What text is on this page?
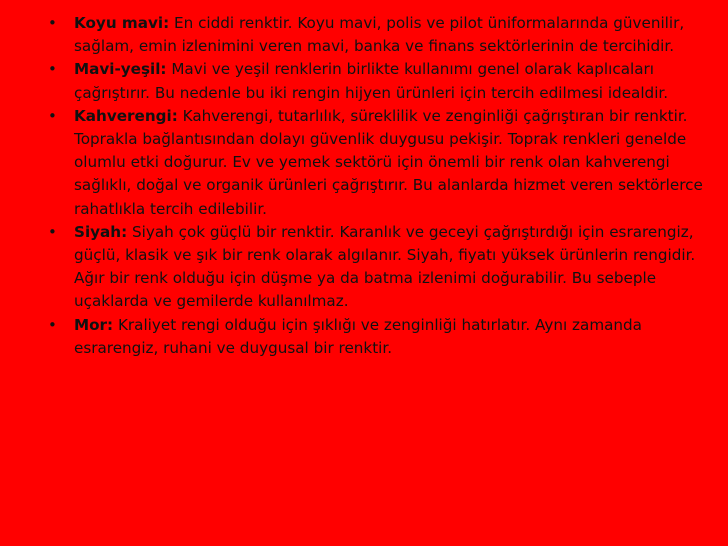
• Koyu mavi: En ciddi renktir. Koyu mavi, polis ve pilot üniformalarında güvenilir, sağlam, emin izlenimini veren mavi, banka ve finans sektörlerinin de tercihidir.
• Mavi-yeşil: Mavi ve yeşil renklerin birlikte kullanımı genel olarak kaplıcaları çağrıştırır. Bu nedenle bu iki rengin hijyen ürünleri için tercih edilmesi idealdir.
• Kahverengi: Kahverengi, tutarlılık, süreklilik ve zenginliği çağrıştıran bir renktir. Toprakla bağlantısından dolayı güvenlik duygusu pekişir. Toprak renkleri genelde olumlu etki doğurur. Ev ve yemek sektörü için önemli bir renk olan kahverengi sağlıklı, doğal ve organik ürünleri çağrıştırır. Bu alanlarda hizmet veren sektörlerce rahatlıkla tercih edilebilir.
• Siyah: Siyah çok güçlü bir renktir. Karanlık ve geceyi çağrıştırdığı için esrarengiz, güçlü, klasik ve şık bir renk olarak algılanır. Siyah, fiyatı yüksek ürünlerin rengidir. Ağır bir renk olduğu için düşme ya da batma izlenimi doğurabilir. Bu sebeple uçaklarda ve gemilerde kullanılmaz.
• Mor: Kraliyet rengi olduğu için şıklığı ve zenginliği hatırlatır. Aynı zamanda esrarengiz, ruhani ve duygusal bir renktir.
